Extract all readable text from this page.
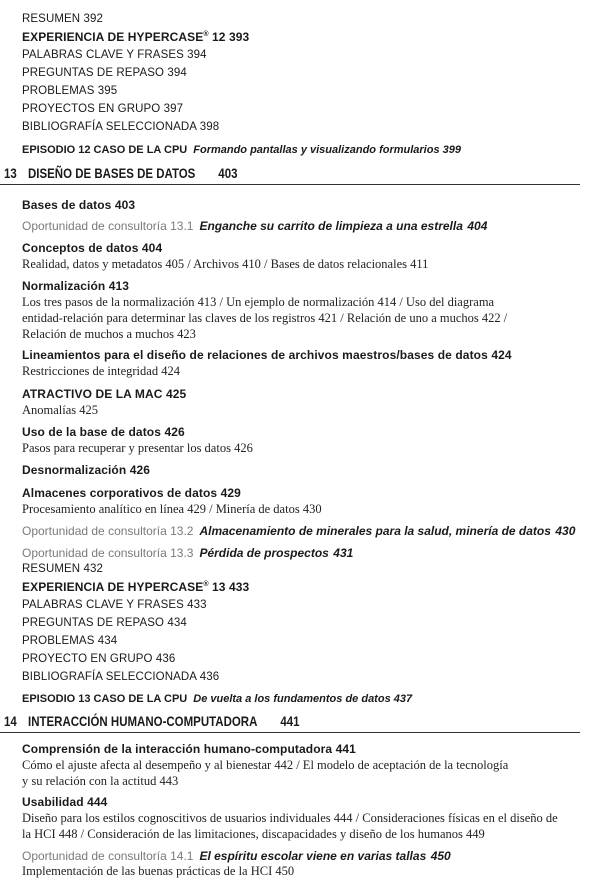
RESUMEN 392
EXPERIENCIA DE HYPERCASE® 12 393
PALABRAS CLAVE Y FRASES 394
PREGUNTAS DE REPASO 394
PROBLEMAS 395
PROYECTOS EN GRUPO 397
BIBLIOGRAFÍA SELECCIONADA 398
EPISODIO 12 CASO DE LA CPU Formando pantallas y visualizando formularios 399
13 DISEÑO DE BASES DE DATOS 403
Bases de datos 403
Oportunidad de consultoría 13.1 Enganche su carrito de limpieza a una estrella 404
Conceptos de datos 404
Realidad, datos y metadatos 405 / Archivos 410 / Bases de datos relacionales 411
Normalización 413
Los tres pasos de la normalización 413 / Un ejemplo de normalización 414 / Uso del diagrama
entidad-relación para determinar las claves de los registros 421 / Relación de uno a muchos 422 /
Relación de muchos a muchos 423
Lineamientos para el diseño de relaciones de archivos maestros/bases de datos 424
Restricciones de integridad 424
ATRACTIVO DE LA MAC 425
Anomalías 425
Uso de la base de datos 426
Pasos para recuperar y presentar los datos 426
Desnormalización 426
Almacenes corporativos de datos 429
Procesamiento analítico en línea 429 / Minería de datos 430
Oportunidad de consultoría 13.2 Almacenamiento de minerales para la salud, minería de datos 430
Oportunidad de consultoría 13.3 Pérdida de prospectos 431
RESUMEN 432
EXPERIENCIA DE HYPERCASE® 13 433
PALABRAS CLAVE Y FRASES 433
PREGUNTAS DE REPASO 434
PROBLEMAS 434
PROYECTO EN GRUPO 436
BIBLIOGRAFÍA SELECCIONADA 436
EPISODIO 13 CASO DE LA CPU De vuelta a los fundamentos de datos 437
14 INTERACCIÓN HUMANO-COMPUTADORA 441
Comprensión de la interacción humano-computadora 441
Cómo el ajuste afecta al desempeño y al bienestar 442 / El modelo de aceptación de la tecnología
y su relación con la actitud 443
Usabilidad 444
Diseño para los estilos cognoscitivos de usuarios individuales 444 / Consideraciones físicas en el diseño de
la HCI 448 / Consideración de las limitaciones, discapacidades y diseño de los humanos 449
Oportunidad de consultoría 14.1 El espíritu escolar viene en varias tallas 450
Implementación de las buenas prácticas de la HCI 450
